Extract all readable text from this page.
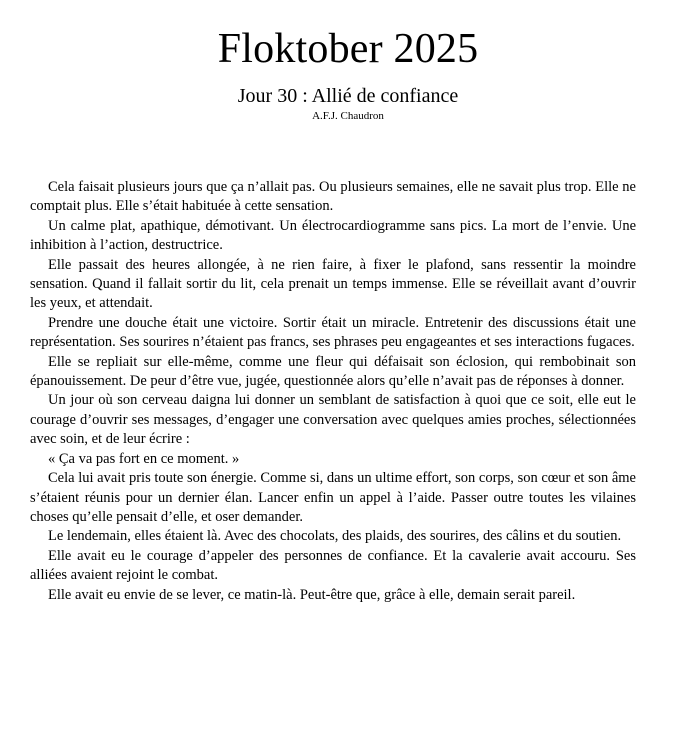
Floktober 2025
Jour 30 : Allié de confiance
A.F.J. Chaudron

Cela faisait plusieurs jours que ça n’allait pas. Ou plusieurs semaines, elle ne savait plus trop. Elle ne comptait plus. Elle s’était habituée à cette sensation.

Un calme plat, apathique, démotivant. Un électrocardiogramme sans pics. La mort de l’envie. Une inhibition à l’action, destructrice.

Elle passait des heures allongée, à ne rien faire, à fixer le plafond, sans ressentir la moindre sensation. Quand il fallait sortir du lit, cela prenait un temps immense. Elle se réveillait avant d’ouvrir les yeux, et attendait.

Prendre une douche était une victoire. Sortir était un miracle. Entretenir des discussions était une représentation. Ses sourires n’étaient pas francs, ses phrases peu engageantes et ses interactions fugaces.

Elle se repliait sur elle-même, comme une fleur qui défaisait son éclosion, qui rembobinait son épanouissement. De peur d’être vue, jugée, questionnée alors qu’elle n’avait pas de réponses à donner.

Un jour où son cerveau daigna lui donner un semblant de satisfaction à quoi que ce soit, elle eut le courage d’ouvrir ses messages, d’engager une conversation avec quelques amies proches, sélectionnées avec soin, et de leur écrire :

« Ça va pas fort en ce moment. »

Cela lui avait pris toute son énergie. Comme si, dans un ultime effort, son corps, son cœur et son âme s’étaient réunis pour un dernier élan. Lancer enfin un appel à l’aide. Passer outre toutes les vilaines choses qu’elle pensait d’elle, et oser demander.

Le lendemain, elles étaient là. Avec des chocolats, des plaids, des sourires, des câlins et du soutien.

Elle avait eu le courage d’appeler des personnes de confiance. Et la cavalerie avait accouru. Ses alliées avaient rejoint le combat.

Elle avait eu envie de se lever, ce matin-là. Peut-être que, grâce à elle, demain serait pareil.
